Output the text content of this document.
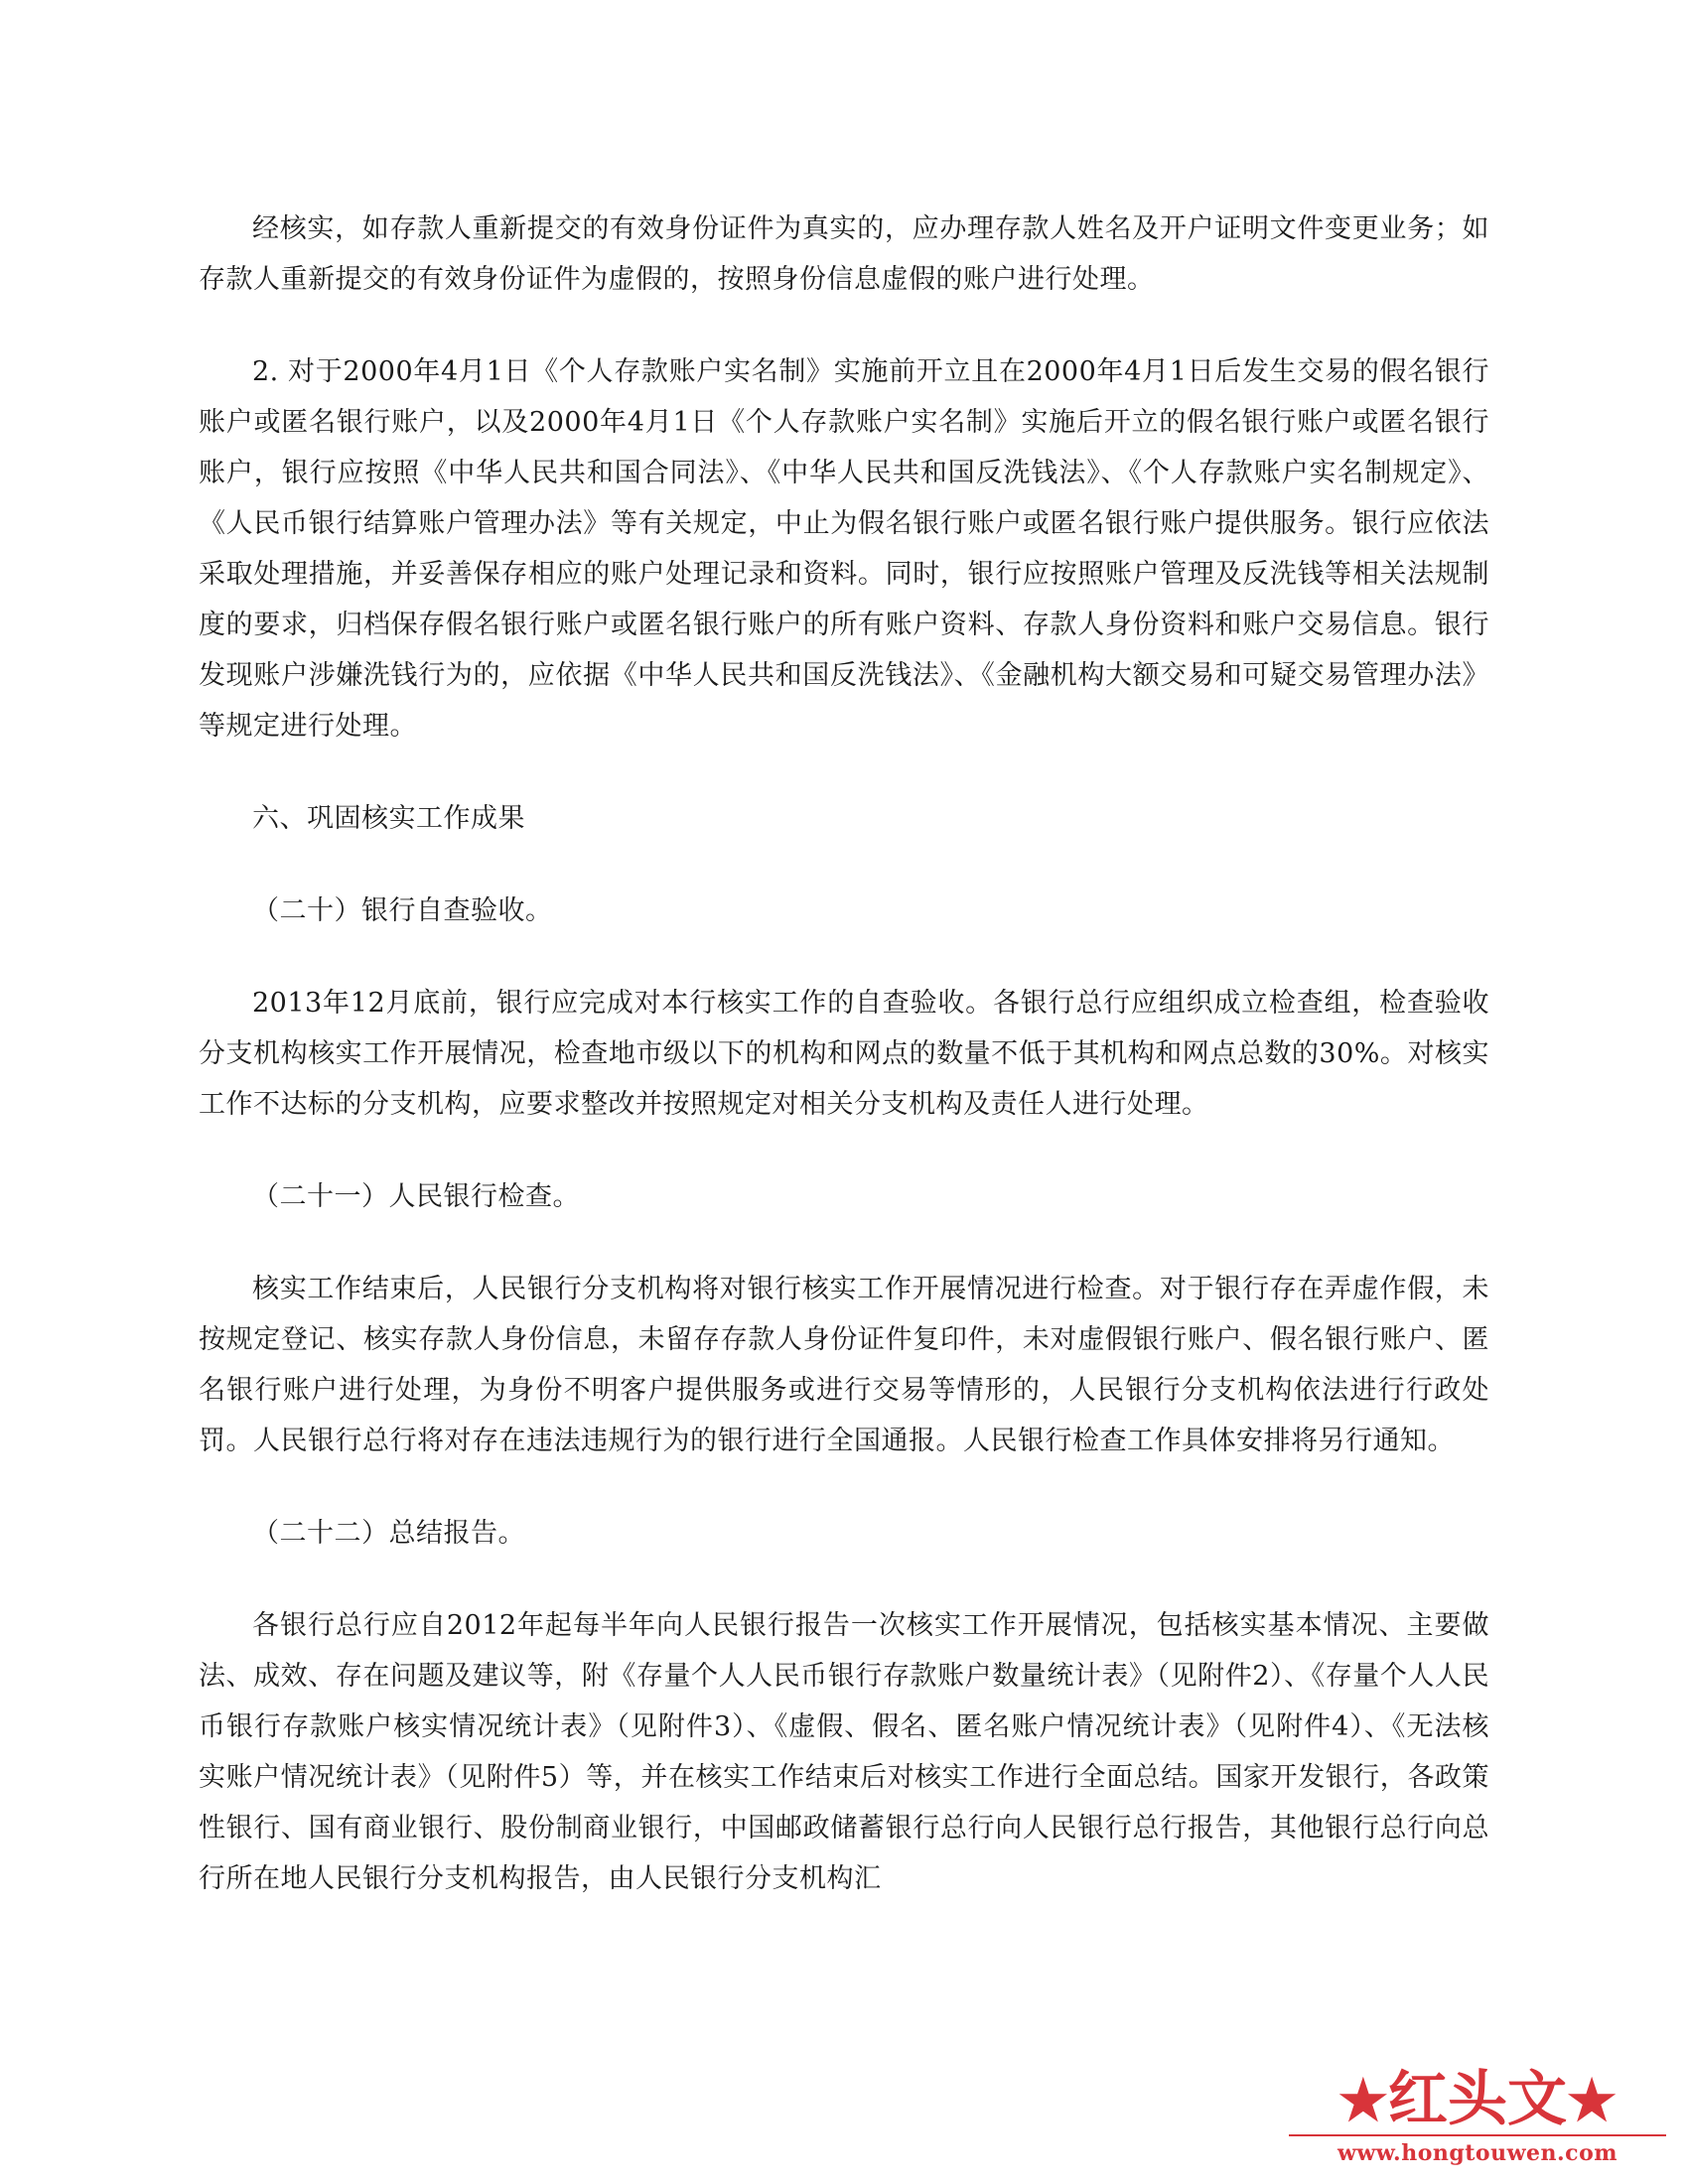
经核实，如存款人重新提交的有效身份证件为真实的，应办理存款人姓名及开户证明文件变更业务；如存款人重新提交的有效身份证件为虚假的，按照身份信息虚假的账户进行处理。

2. 对于2000年4月1日《个人存款账户实名制》实施前开立且在2000年4月1日后发生交易的假名银行账户或匿名银行账户，以及2000年4月1日《个人存款账户实名制》实施后开立的假名银行账户或匿名银行账户，银行应按照《中华人民共和国合同法》、《中华人民共和国反洗钱法》、《个人存款账户实名制规定》、《人民币银行结算账户管理办法》等有关规定，中止为假名银行账户或匿名银行账户提供服务。银行应依法采取处理措施，并妥善保存相应的账户处理记录和资料。同时，银行应按照账户管理及反洗钱等相关法规制度的要求，归档保存假名银行账户或匿名银行账户的所有账户资料、存款人身份资料和账户交易信息。银行发现账户涉嫌洗钱行为的，应依据《中华人民共和国反洗钱法》、《金融机构大额交易和可疑交易管理办法》等规定进行处理。

六、巩固核实工作成果

（二十）银行自查验收。

2013年12月底前，银行应完成对本行核实工作的自查验收。各银行总行应组织成立检查组，检查验收分支机构核实工作开展情况，检查地市级以下的机构和网点的数量不低于其机构和网点总数的30%。对核实工作不达标的分支机构，应要求整改并按照规定对相关分支机构及责任人进行处理。

（二十一）人民银行检查。

核实工作结束后，人民银行分支机构将对银行核实工作开展情况进行检查。对于银行存在弄虚作假，未按规定登记、核实存款人身份信息，未留存存款人身份证件复印件，未对虚假银行账户、假名银行账户、匿名银行账户进行处理，为身份不明客户提供服务或进行交易等情形的，人民银行分支机构依法进行行政处罚。人民银行总行将对存在违法违规行为的银行进行全国通报。人民银行检查工作具体安排将另行通知。

（二十二）总结报告。

各银行总行应自2012年起每半年向人民银行报告一次核实工作开展情况，包括核实基本情况、主要做法、成效、存在问题及建议等，附《存量个人人民币银行存款账户数量统计表》（见附件2）、《存量个人人民币银行存款账户核实情况统计表》（见附件3）、《虚假、假名、匿名账户情况统计表》（见附件4）、《无法核实账户情况统计表》（见附件5）等，并在核实工作结束后对核实工作进行全面总结。国家开发银行，各政策性银行、国有商业银行、股份制商业银行，中国邮政储蓄银行总行向人民银行总行报告，其他银行总行向总行所在地人民银行分支机构报告，由人民银行分支机构汇

★红头文★
www.hongtouwen.com
